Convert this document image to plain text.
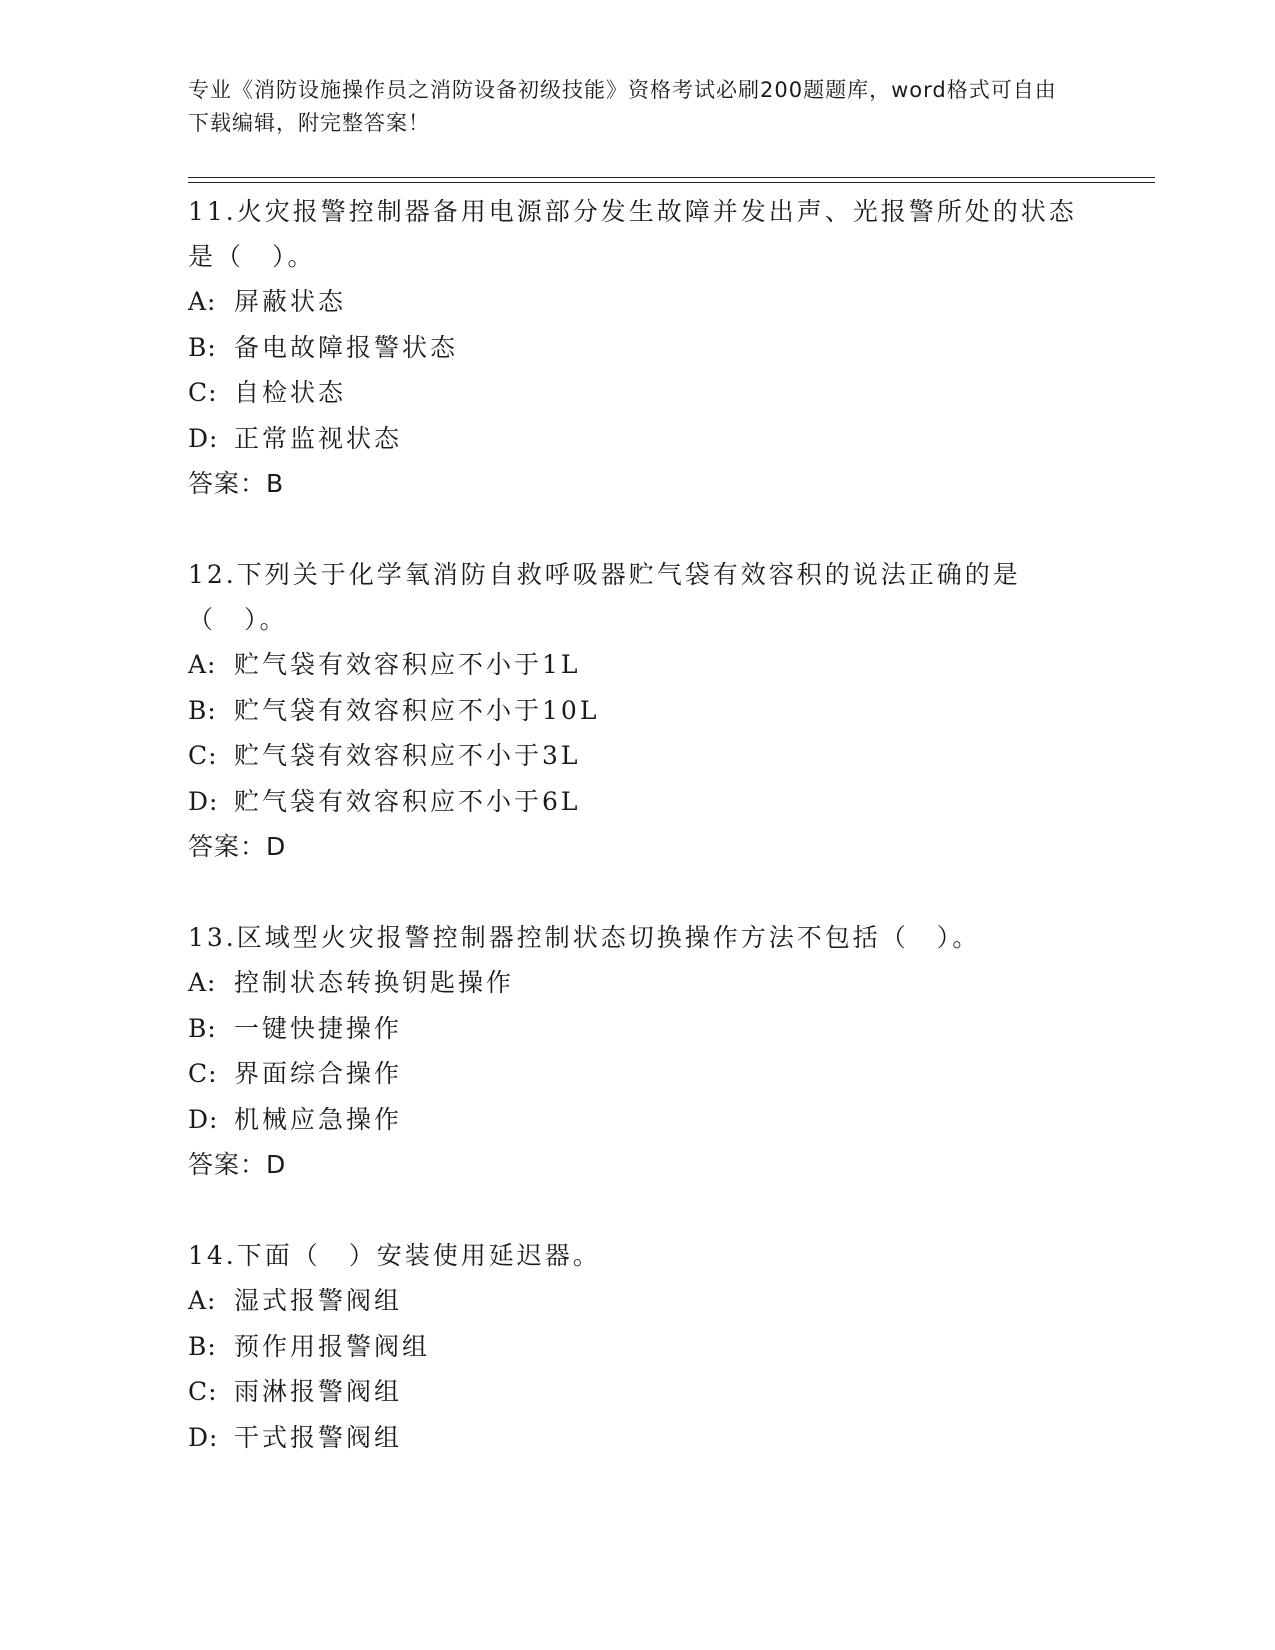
专业《消防设施操作员之消防设备初级技能》资格考试必刷200题题库，word格式可自由下载编辑，附完整答案！
11.火灾报警控制器备用电源部分发生故障并发出声、光报警所处的状态是（　）。
A: 屏蔽状态
B: 备电故障报警状态
C: 自检状态
D: 正常监视状态
答案：B
12.下列关于化学氧消防自救呼吸器贮气袋有效容积的说法正确的是（　）。
A: 贮气袋有效容积应不小于1L
B: 贮气袋有效容积应不小于10L
C: 贮气袋有效容积应不小于3L
D: 贮气袋有效容积应不小于6L
答案：D
13.区域型火灾报警控制器控制状态切换操作方法不包括（　）。
A: 控制状态转换钥匙操作
B: 一键快捷操作
C: 界面综合操作
D: 机械应急操作
答案：D
14.下面（　）安装使用延迟器。
A: 湿式报警阀组
B: 预作用报警阀组
C: 雨淋报警阀组
D: 干式报警阀组
